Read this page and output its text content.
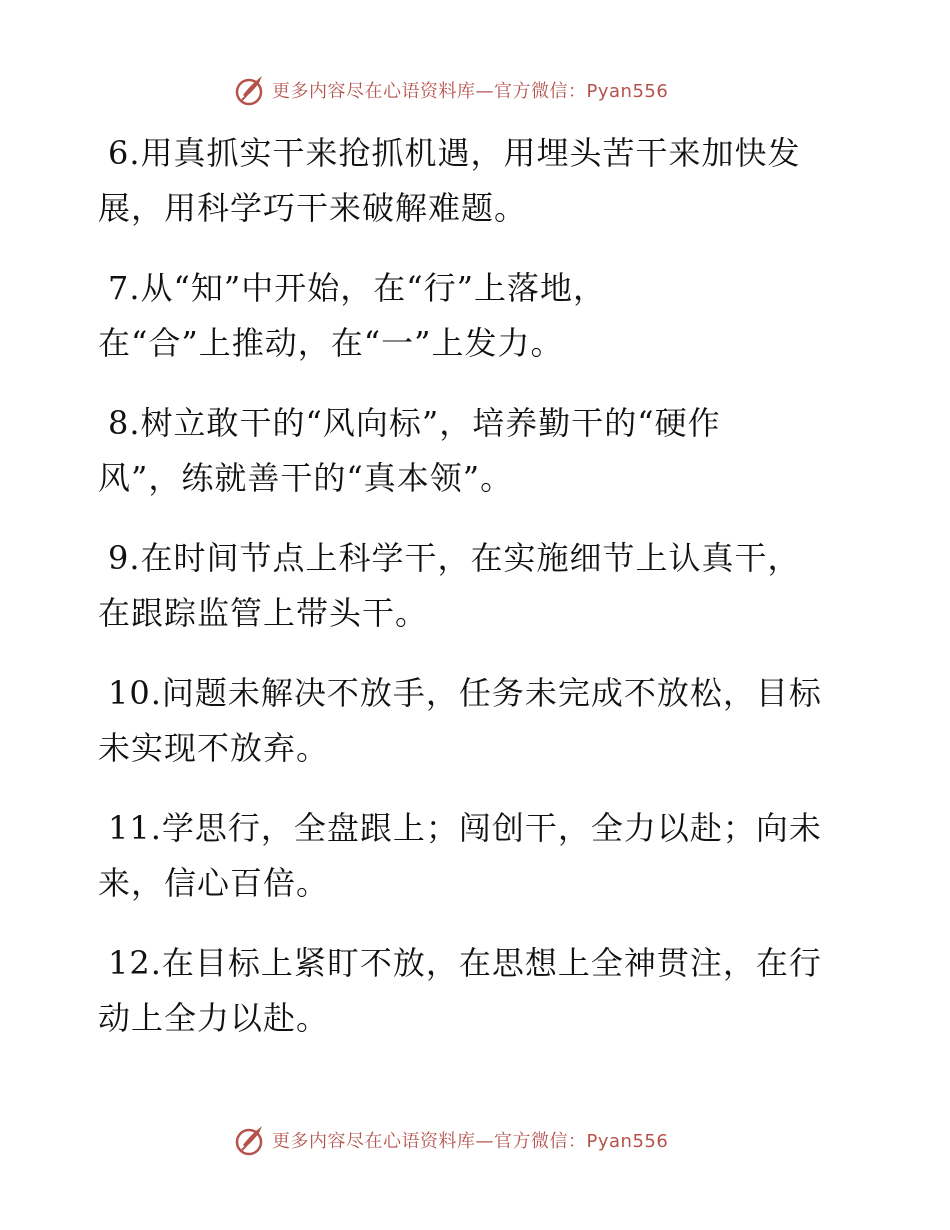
更多内容尽在心语资料库—官方微信：Pyan556
6.用真抓实干来抢抓机遇，用埋头苦干来加快发
展，用科学巧干来破解难题。
7.从“知”中开始，在“行”上落地，
在“合”上推动，在“一”上发力。
8.树立敢干的“风向标”，培养勤干的“硬作
风”，练就善干的“真本领”。
9.在时间节点上科学干，在实施细节上认真干，
在跟踪监管上带头干。
10.问题未解决不放手，任务未完成不放松，目标
未实现不放弃。
11.学思行，全盘跟上；闯创干，全力以赴；向未
来，信心百倍。
12.在目标上紧盯不放，在思想上全神贯注，在行
动上全力以赴。
更多内容尽在心语资料库—官方微信：Pyan556
